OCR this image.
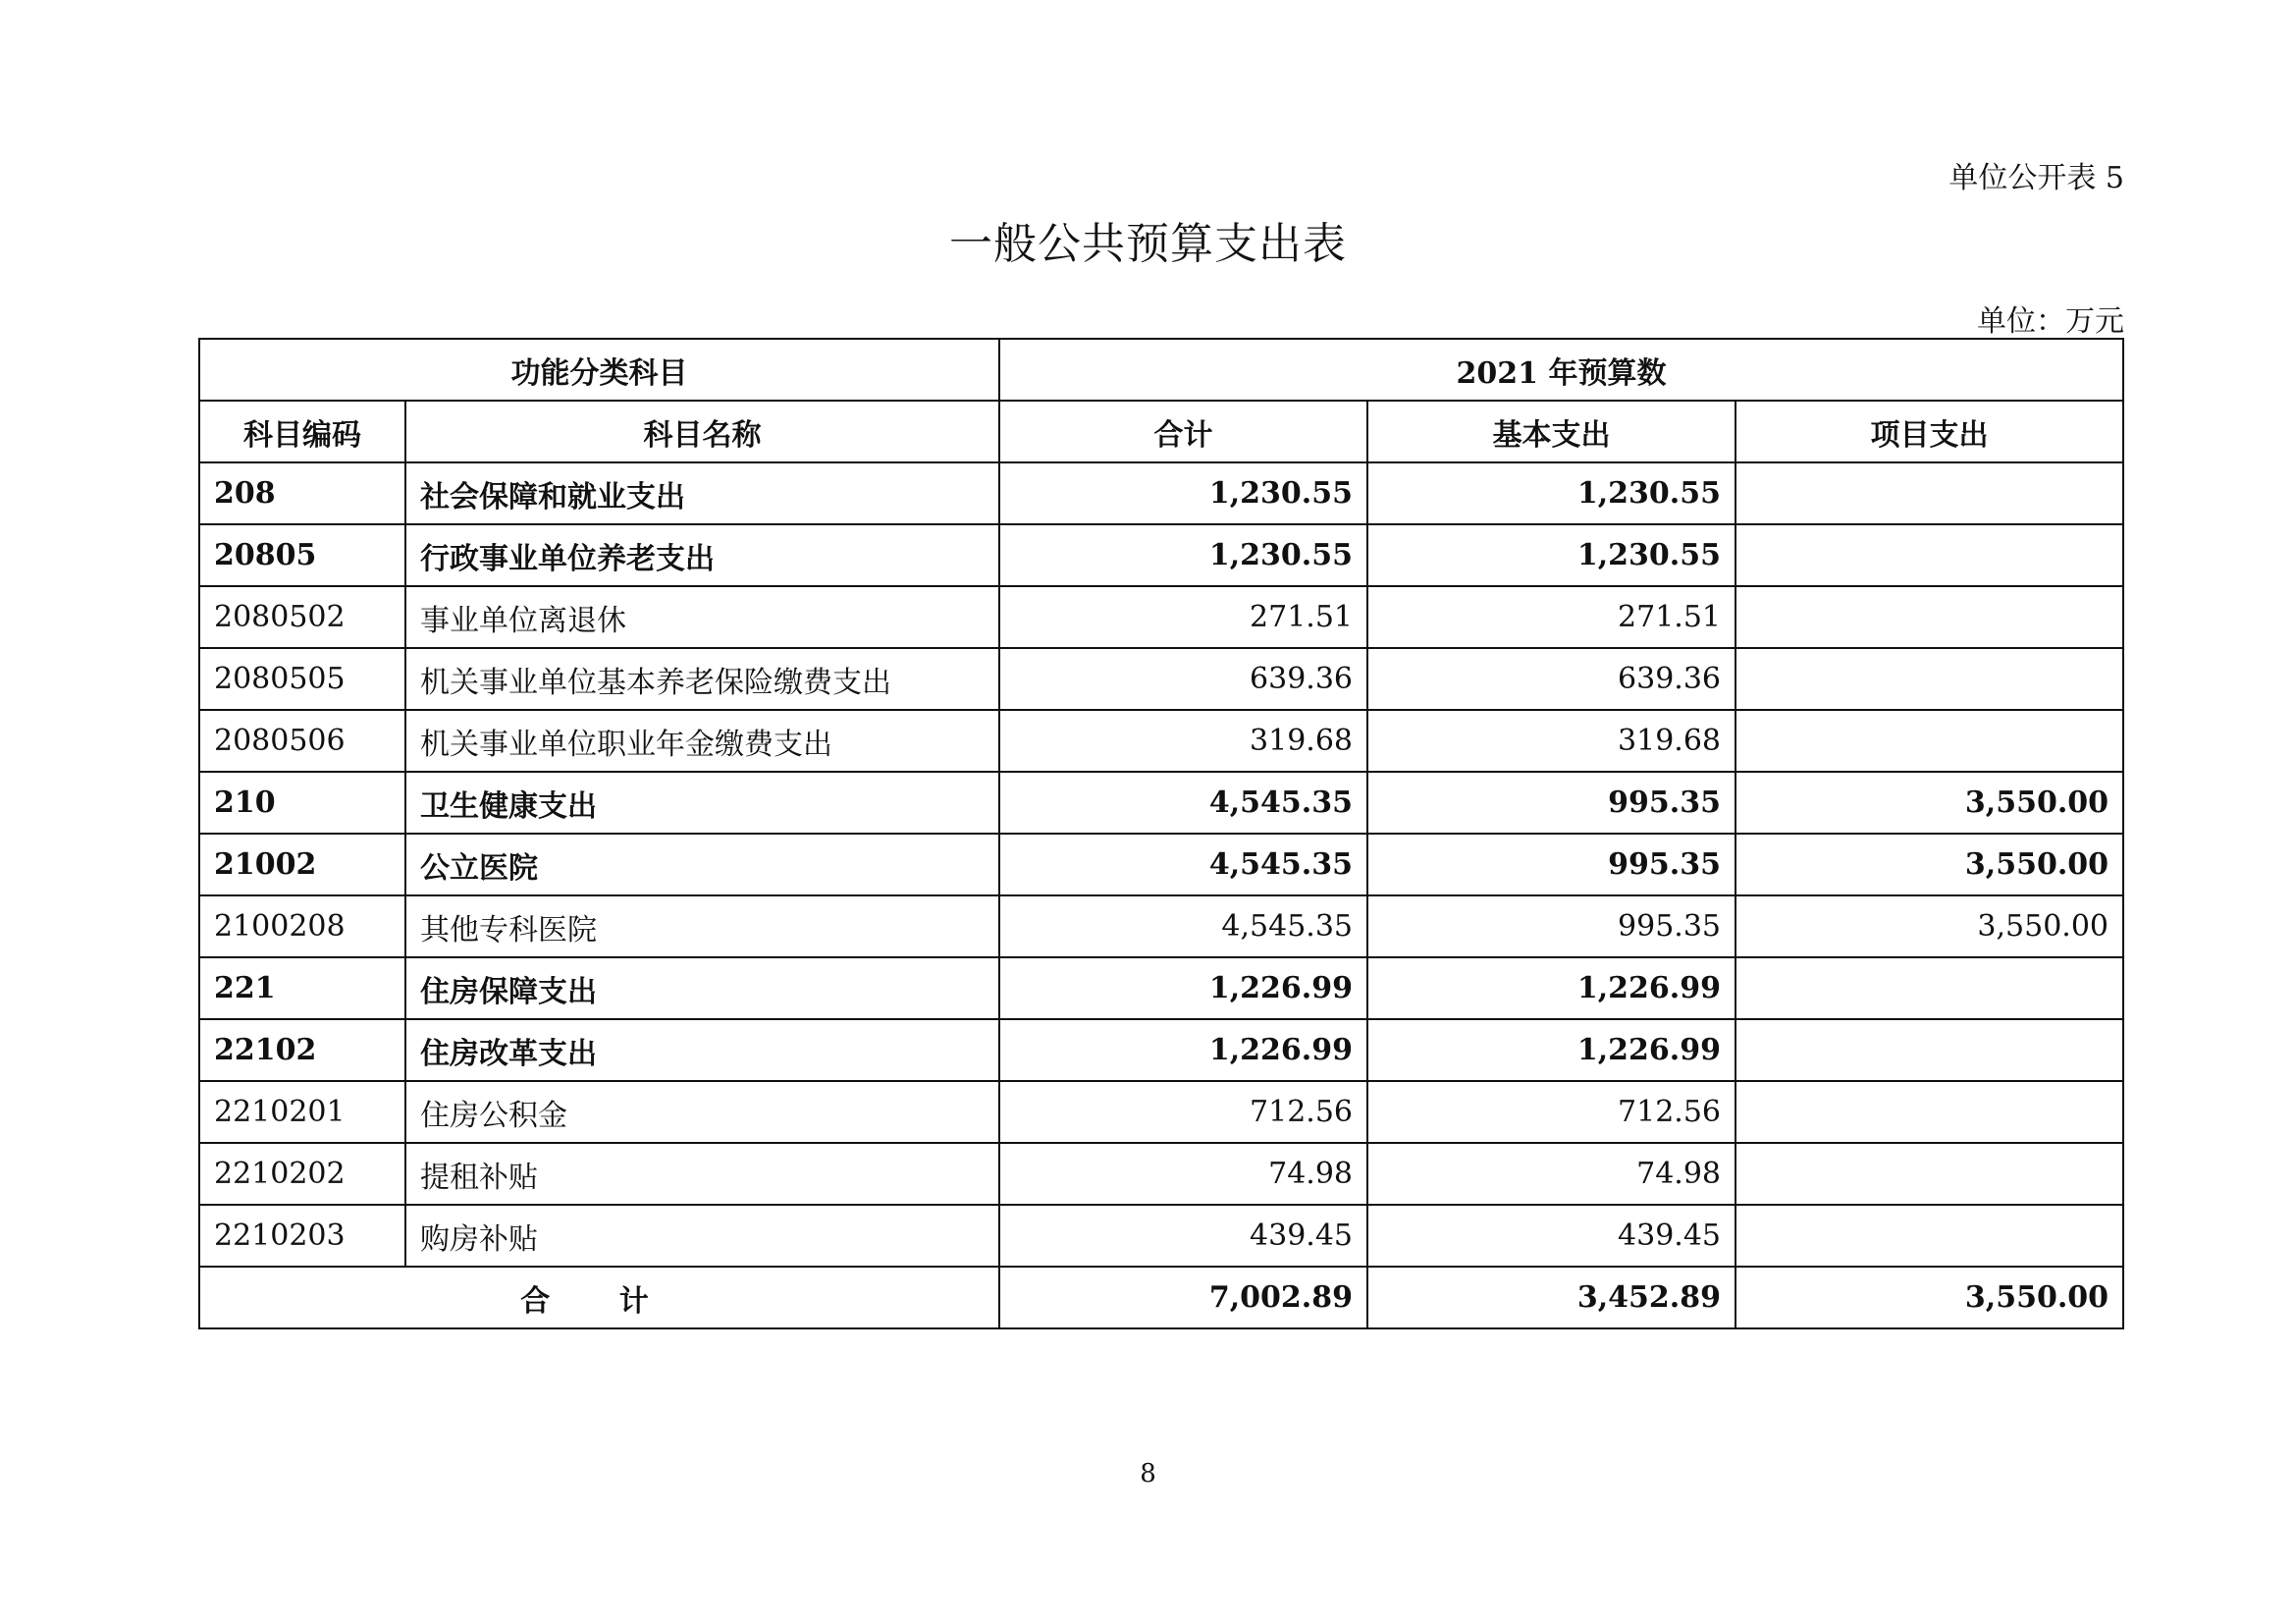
单位公开表 5
一般公共预算支出表
单位：万元
功能分类科目		2021 年预算数		
科目编码	科目名称	合计	基本支出	项目支出
208	社会保障和就业支出	1,230.55	1,230.55	
20805	行政事业单位养老支出	1,230.55	1,230.55	
2080502	事业单位离退休	271.51	271.51	
2080505	机关事业单位基本养老保险缴费支出	639.36	639.36	
2080506	机关事业单位职业年金缴费支出	319.68	319.68	
210	卫生健康支出	4,545.35	995.35	3,550.00
21002	公立医院	4,545.35	995.35	3,550.00
2100208	其他专科医院	4,545.35	995.35	3,550.00
221	住房保障支出	1,226.99	1,226.99	
22102	住房改革支出	1,226.99	1,226.99	
2210201	住房公积金	712.56	712.56	
2210202	提租补贴	74.98	74.98	
2210203	购房补贴	439.45	439.45	
合 计		7,002.89	3,452.89	3,550.00
8
